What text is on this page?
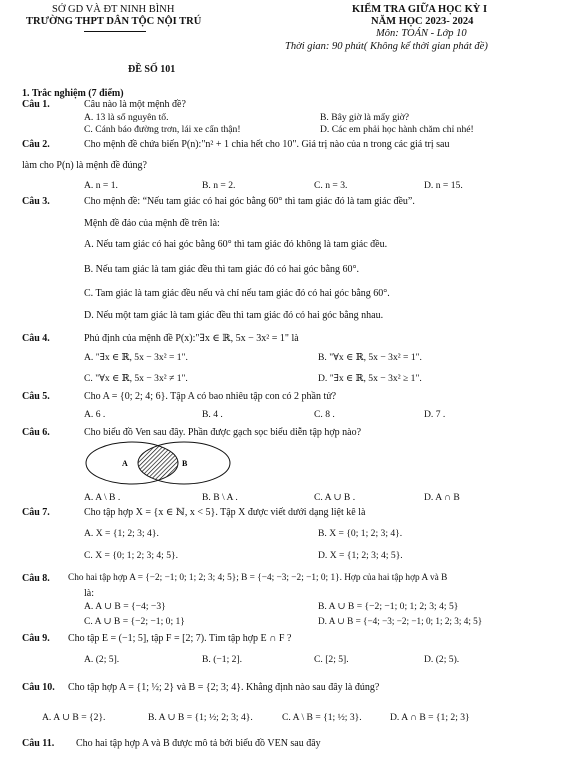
SỞ GD VÀ ĐT NINH BÌNH
TRƯỜNG THPT DÂN TỘC NỘI TRÚ
KIỂM TRA GIỮA HỌC KỲ I
NĂM HỌC 2023- 2024
Môn: TOÁN - Lớp 10
Thời gian: 90 phút( Không kể thời gian phát đề)
ĐỀ SỐ 101
1. Trắc nghiệm (7 điểm)
Câu 1.	Câu nào là một mệnh đề?
A. 13 là số nguyên tố.	B. Bây giờ là mấy giờ?
C. Cánh báo đường trơn, lái xe cẩn thận!	D. Các em phải học hành chăm chỉ nhé!
Câu 2.	Cho mệnh đề chứa biến P(n):"n² + 1 chia hết cho 10". Giá trị nào của n trong các giá trị sau
làm cho P(n) là mệnh đề đúng?
A. n = 1.	B. n = 2.	C. n = 3.	D. n = 15.
Câu 3.	Cho mệnh đề: “Nếu tam giác có hai góc bằng 60° thì tam giác đó là tam giác đều”.
Mệnh đề đảo của mệnh đề trên là:
A. Nếu tam giác có hai góc bằng 60° thì tam giác đó không là tam giác đều.
B. Nếu tam giác là tam giác đều thì tam giác đó có hai góc bằng 60°.
C. Tam giác là tam giác đều nếu và chỉ nếu tam giác đó có hai góc bằng 60°.
D. Nếu một tam giác là tam giác đều thì tam giác đó có hai góc bằng nhau.
Câu 4.	Phủ định của mệnh đề P(x):"∃x ∈ ℝ, 5x − 3x² = 1" là
A. "∃x ∈ ℝ, 5x − 3x² = 1".	B. "∀x ∈ ℝ, 5x − 3x² = 1".
C. "∀x ∈ ℝ, 5x − 3x² ≠ 1".	D. "∃x ∈ ℝ, 5x − 3x² ≥ 1".
Câu 5.	Cho A = {0; 2; 4; 6}. Tập A có bao nhiêu tập con có 2 phần tử?
A. 6 .	B. 4 .	C. 8 .	D. 7 .
Câu 6.	Cho biểu đồ Ven sau đây. Phần được gạch sọc biểu diễn tập hợp nào?
A	B
A. A \ B .	B. B \ A .	C. A ∪ B .	D. A ∩ B
Câu 7.	Cho tập hợp X = {x ∈ ℕ, x < 5}. Tập X được viết dưới dạng liệt kê là
A. X = {1; 2; 3; 4}.	B. X = {0; 1; 2; 3; 4}.
C. X = {0; 1; 2; 3; 4; 5}.	D. X = {1; 2; 3; 4; 5}.
Câu 8. Cho hai tập hợp A = {−2; −1; 0; 1; 2; 3; 4; 5}; B = {−4; −3; −2; −1; 0; 1}. Hợp của hai tập hợp A và B
là:
A. A ∪ B = {−4; −3}	B. A ∪ B = {−2; −1; 0; 1; 2; 3; 4; 5}
C. A ∪ B = {−2; −1; 0; 1}	D. A ∪ B = {−4; −3; −2; −1; 0; 1; 2; 3; 4; 5}
Câu 9. Cho tập E = (−1; 5], tập F = [2; 7). Tìm tập hợp E ∩ F ?
A. (2; 5].	B. (−1; 2].	C. [2; 5].	D. (2; 5).
Câu 10. Cho tập hợp A = {1; ½; 2} và B = {2; 3; 4}. Khẳng định nào sau đây là đúng?
A. A ∪ B = {2}.	B. A ∪ B = {1; ½; 2; 3; 4}.	C. A \ B = {1; ½; 3}.	D. A ∩ B = {1; 2; 3}
Câu 11. Cho hai tập hợp A và B được mô tả bởi biểu đồ VEN sau đây
